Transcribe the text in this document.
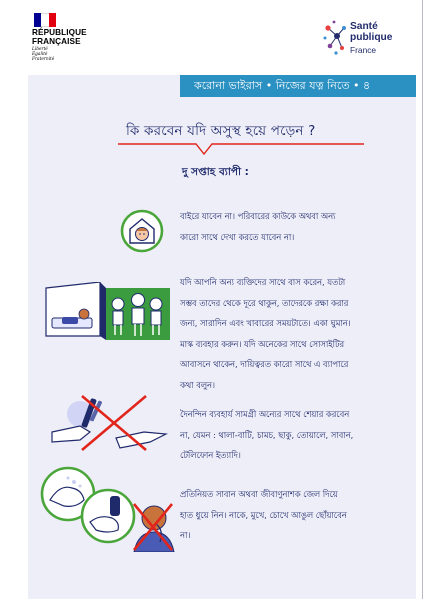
RÉPUBLIQUE
FRANÇAISE
Liberté
Égalité
Fraternité
Santé
publique
France
করোনা ভাইরাস • নিজের যত্ন নিতে • ৪
কি করবেন যদি অসুস্থ হয়ে পড়েন ?
দু সপ্তাহ ব্যাপী :
বাইরে যাবেন না। পরিবারের কাউকে অথবা অন্য
কারো সাথে দেখা করতে যাবেন না।
যদি আপনি অন্য ব্যক্তিদের সাথে বাস করেন, যতটা
সম্ভব তাদের থেকে দূরে থাকুন, তাদেরকে রক্ষা করার
জন্য, সারাদিন এবং খাবারের সময়টাতে। একা ঘুমান।
মাস্ক ব্যবহার করুন। যদি অনেকের সাথে সোসাইটির
আবাসনে থাকেন, দায়িত্বরত কারো সাথে এ ব্যাপারে
কথা বলুন।
দৈনন্দিন ব্যবহার্য সামগ্রী অন্যের সাথে শেয়ার করবেন
না, যেমন : থালা-বাটি, চামচ, ছাকু, তোয়ালে, সাবান,
টেলিফোন ইত্যাদি।
প্রতিনিয়ত সাবান অথবা জীবাণুনাশক জেল দিয়ে
হাত ধুয়ে নিন। নাকে, মুখে, চোখে আঙুল ছোঁয়াবেন
না।
